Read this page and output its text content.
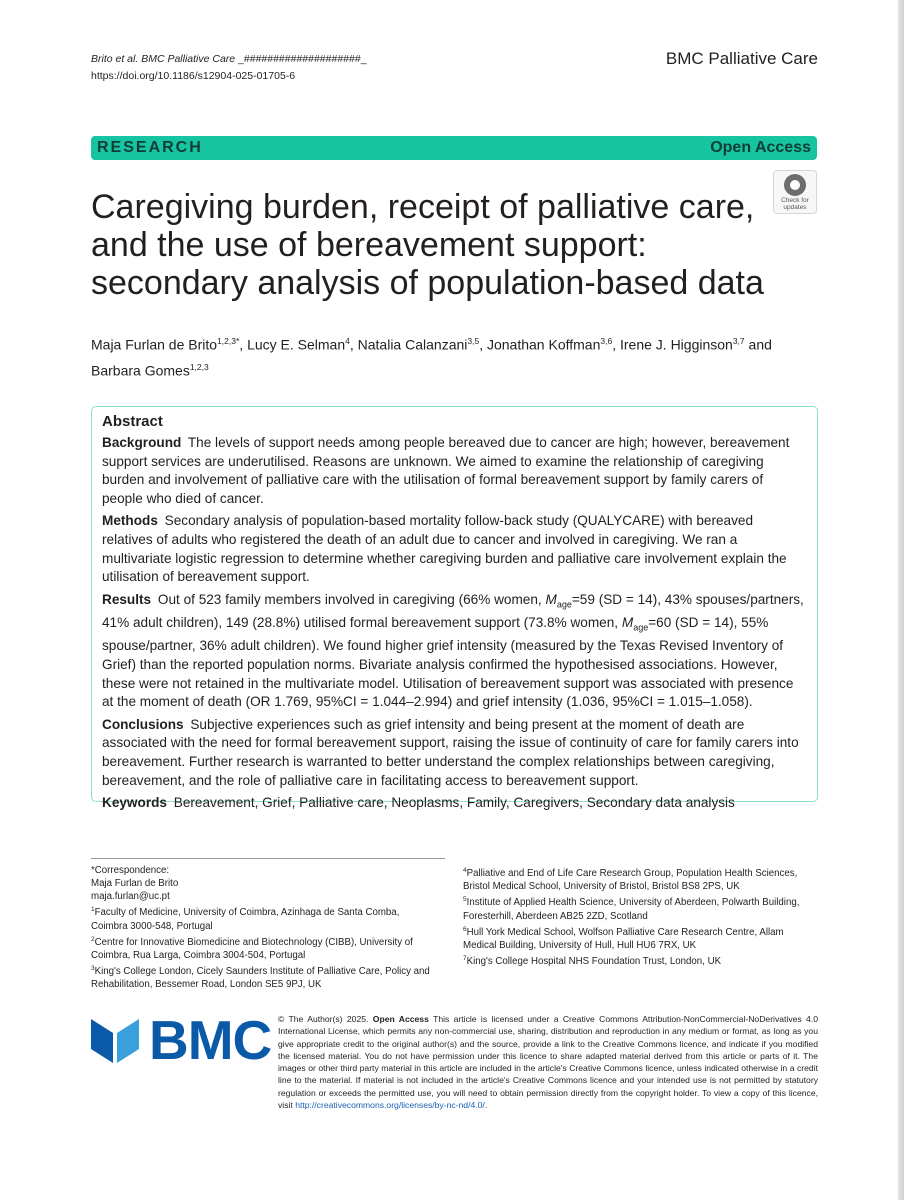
Brito et al. BMC Palliative Care _####################_
https://doi.org/10.1186/s12904-025-01705-6
BMC Palliative Care
RESEARCH	Open Access
Check for
updates
Caregiving burden, receipt of palliative care, and the use of bereavement support: secondary analysis of population-based data
Maja Furlan de Brito$^{1,2,3*}$, Lucy E. Selman$^4$, Natalia Calanzani$^{3,5}$, Jonathan Koffman$^{3,6}$, Irene J. Higginson$^{3,7}$ and Barbara Gomes$^{1,2,3}$
Abstract

Background The levels of support needs among people bereaved due to cancer are high; however, bereavement support services are underutilised. Reasons are unknown. We aimed to examine the relationship of caregiving burden and involvement of palliative care with the utilisation of formal bereavement support by family carers of people who died of cancer.

Methods Secondary analysis of population-based mortality follow-back study (QUALYCARE) with bereaved relatives of adults who registered the death of an adult due to cancer and involved in caregiving. We ran a multivariate logistic regression to determine whether caregiving burden and palliative care involvement explain the utilisation of bereavement support.

Results Out of 523 family members involved in caregiving (66% women, $M_{age}=59$ (SD = 14), 43% spouses/partners, 41% adult children), 149 (28.8%) utilised formal bereavement support (73.8% women, $M_{age}=60$ (SD = 14), 55% spouse/partner, 36% adult children). We found higher grief intensity (measured by the Texas Revised Inventory of Grief) than the reported population norms. Bivariate analysis confirmed the hypothesised associations. However, these were not retained in the multivariate model. Utilisation of bereavement support was associated with presence at the moment of death (OR 1.769, 95%CI = 1.044–2.994) and grief intensity (1.036, 95%CI = 1.015–1.058).

Conclusions Subjective experiences such as grief intensity and being present at the moment of death are associated with the need for formal bereavement support, raising the issue of continuity of care for family carers into bereavement. Further research is warranted to better understand the complex relationships between caregiving, bereavement, and the role of palliative care in facilitating access to bereavement support.

Keywords Bereavement, Grief, Palliative care, Neoplasms, Family, Caregivers, Secondary data analysis

*Correspondence:

Maja Furlan de Brito

maja.furlan@uc.pt

$^1$Faculty of Medicine, University of Coimbra, Azinhaga de Santa Comba, Coimbra 3000-548, Portugal

$^2$Centre for Innovative Biomedicine and Biotechnology (CIBB), University of Coimbra, Rua Larga, Coimbra 3004-504, Portugal

$^3$King's College London, Cicely Saunders Institute of Palliative Care, Policy and Rehabilitation, Bessemer Road, London SE5 9PJ, UK

$^4$Palliative and End of Life Care Research Group, Population Health Sciences, Bristol Medical School, University of Bristol, Bristol BS8 2PS, UK

$^5$Institute of Applied Health Science, University of Aberdeen, Polwarth Building, Foresterhill, Aberdeen AB25 2ZD, Scotland

$^6$Hull York Medical School, Wolfson Palliative Care Research Centre, Allam Medical Building, University of Hull, Hull HU6 7RX, UK

$^7$King's College Hospital NHS Foundation Trust, London, UK

BMC © The Author(s) 2025. Open Access This article is licensed under a Creative Commons Attribution-NonCommercial-NoDerivatives 4.0 International License, which permits any non-commercial use, sharing, distribution and reproduction in any medium or format, as long as you give appropriate credit to the original author(s) and the source, provide a link to the Creative Commons licence, and indicate if you modified the licensed material. You do not have permission under this licence to share adapted material derived from this article or parts of it. The images or other third party material in this article are included in the article's Creative Commons licence, unless indicated otherwise in a credit line to the material. If material is not included in the article's Creative Commons licence and your intended use is not permitted by statutory regulation or exceeds the permitted use, you will need to obtain permission directly from the copyright holder. To view a copy of this licence, visit http://creativecommons.org/licenses/by-nc-nd/4.0/.
